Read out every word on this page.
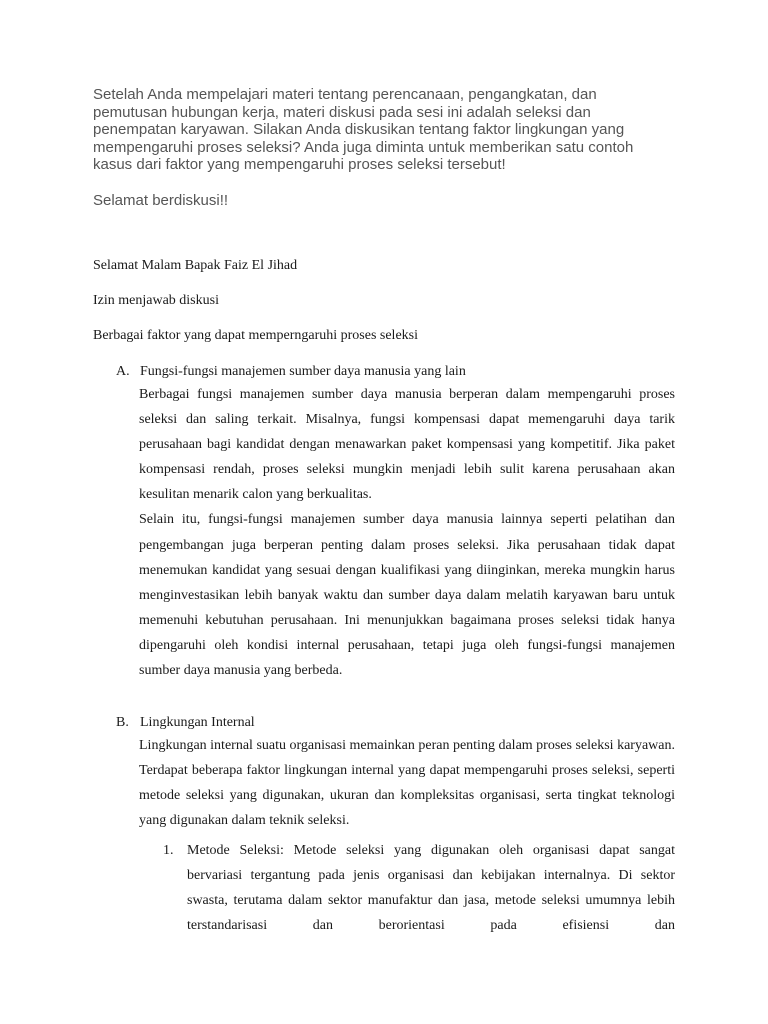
Setelah Anda mempelajari materi tentang perencanaan, pengangkatan, dan pemutusan hubungan kerja, materi diskusi pada sesi ini adalah seleksi dan penempatan karyawan. Silakan Anda diskusikan tentang faktor lingkungan yang mempengaruhi proses seleksi? Anda juga diminta untuk memberikan satu contoh kasus dari faktor yang mempengaruhi proses seleksi tersebut!

Selamat berdiskusi!!

Selamat Malam Bapak Faiz El Jihad

Izin menjawab diskusi

Berbagai faktor yang dapat memperngaruhi proses seleksi

A. Fungsi-fungsi manajemen sumber daya manusia yang lain

Berbagai fungsi manajemen sumber daya manusia berperan dalam mempengaruhi proses seleksi dan saling terkait. Misalnya, fungsi kompensasi dapat memengaruhi daya tarik perusahaan bagi kandidat dengan menawarkan paket kompensasi yang kompetitif. Jika paket kompensasi rendah, proses seleksi mungkin menjadi lebih sulit karena perusahaan akan kesulitan menarik calon yang berkualitas.

Selain itu, fungsi-fungsi manajemen sumber daya manusia lainnya seperti pelatihan dan pengembangan juga berperan penting dalam proses seleksi. Jika perusahaan tidak dapat menemukan kandidat yang sesuai dengan kualifikasi yang diinginkan, mereka mungkin harus menginvestasikan lebih banyak waktu dan sumber daya dalam melatih karyawan baru untuk memenuhi kebutuhan perusahaan. Ini menunjukkan bagaimana proses seleksi tidak hanya dipengaruhi oleh kondisi internal perusahaan, tetapi juga oleh fungsi-fungsi manajemen sumber daya manusia yang berbeda.

B. Lingkungan Internal

Lingkungan internal suatu organisasi memainkan peran penting dalam proses seleksi karyawan. Terdapat beberapa faktor lingkungan internal yang dapat mempengaruhi proses seleksi, seperti metode seleksi yang digunakan, ukuran dan kompleksitas organisasi, serta tingkat teknologi yang digunakan dalam teknik seleksi.

1. Metode Seleksi: Metode seleksi yang digunakan oleh organisasi dapat sangat bervariasi tergantung pada jenis organisasi dan kebijakan internalnya. Di sektor swasta, terutama dalam sektor manufaktur dan jasa, metode seleksi umumnya lebih terstandarisasi dan berorientasi pada efisiensi dan
